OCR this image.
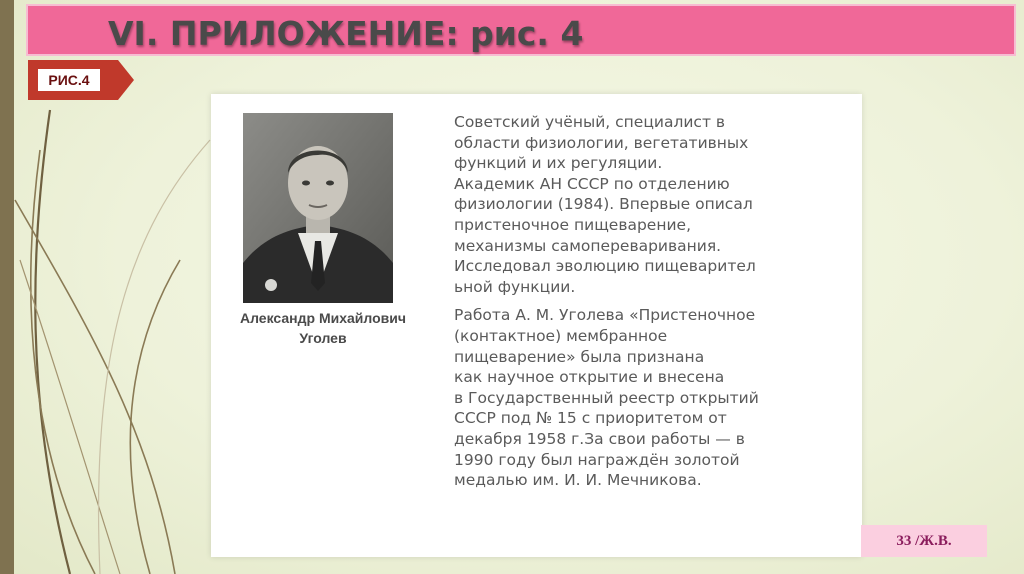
VI. ПРИЛОЖЕНИЕ: рис. 4
РИС.4
Александр Михайлович
Уголев
Советский учёный, специалист в
области физиологии, вегетативных
функций и их регуляции.
Академик АН СССР по отделению
физиологии (1984). Впервые описал
пристеночное пищеварение,
механизмы самопереваривания.
Исследовал эволюцию пищеварител
ьной функции.
Работа А. М. Уголева «Пристеночное
(контактное) мембранное
пищеварение» была признана
как научное открытие и внесена
в Государственный реестр открытий
СССР под № 15 с приоритетом от
декабря 1958 г.За свои работы — в
1990 году был награждён золотой
медалью им. И. И. Мечникова.
33 /Ж.В.
